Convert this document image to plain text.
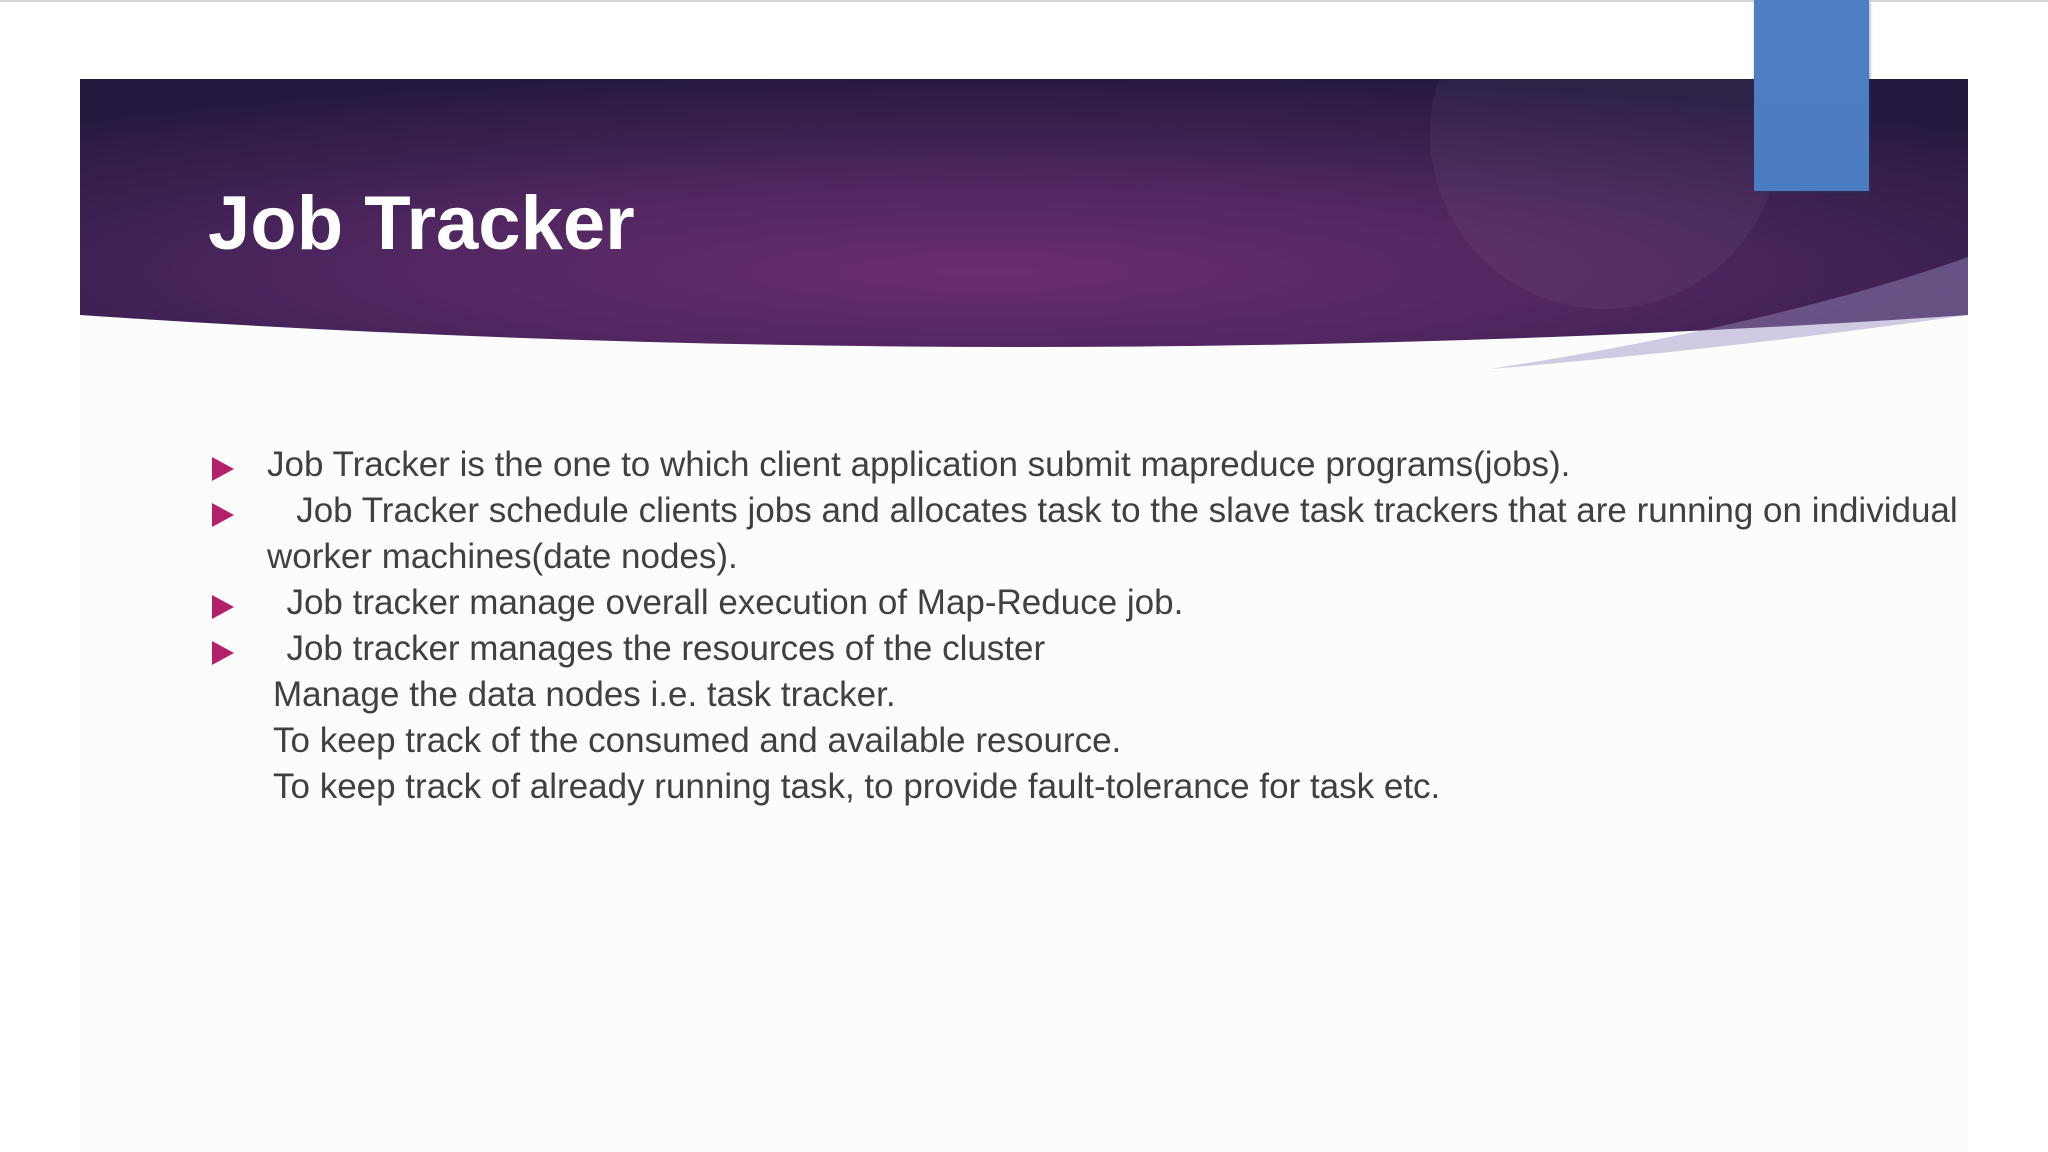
Job Tracker
Job Tracker is the one to which client application submit mapreduce programs(jobs).
Job Tracker schedule clients jobs and allocates task to the slave task trackers that are running on individual worker machines(date nodes).
Job tracker manage overall execution of Map-Reduce job.
Job tracker manages the resources of the cluster
Manage the data nodes i.e. task tracker.
To keep track of the consumed and available resource.
To keep track of already running task, to provide fault-tolerance for task etc.
